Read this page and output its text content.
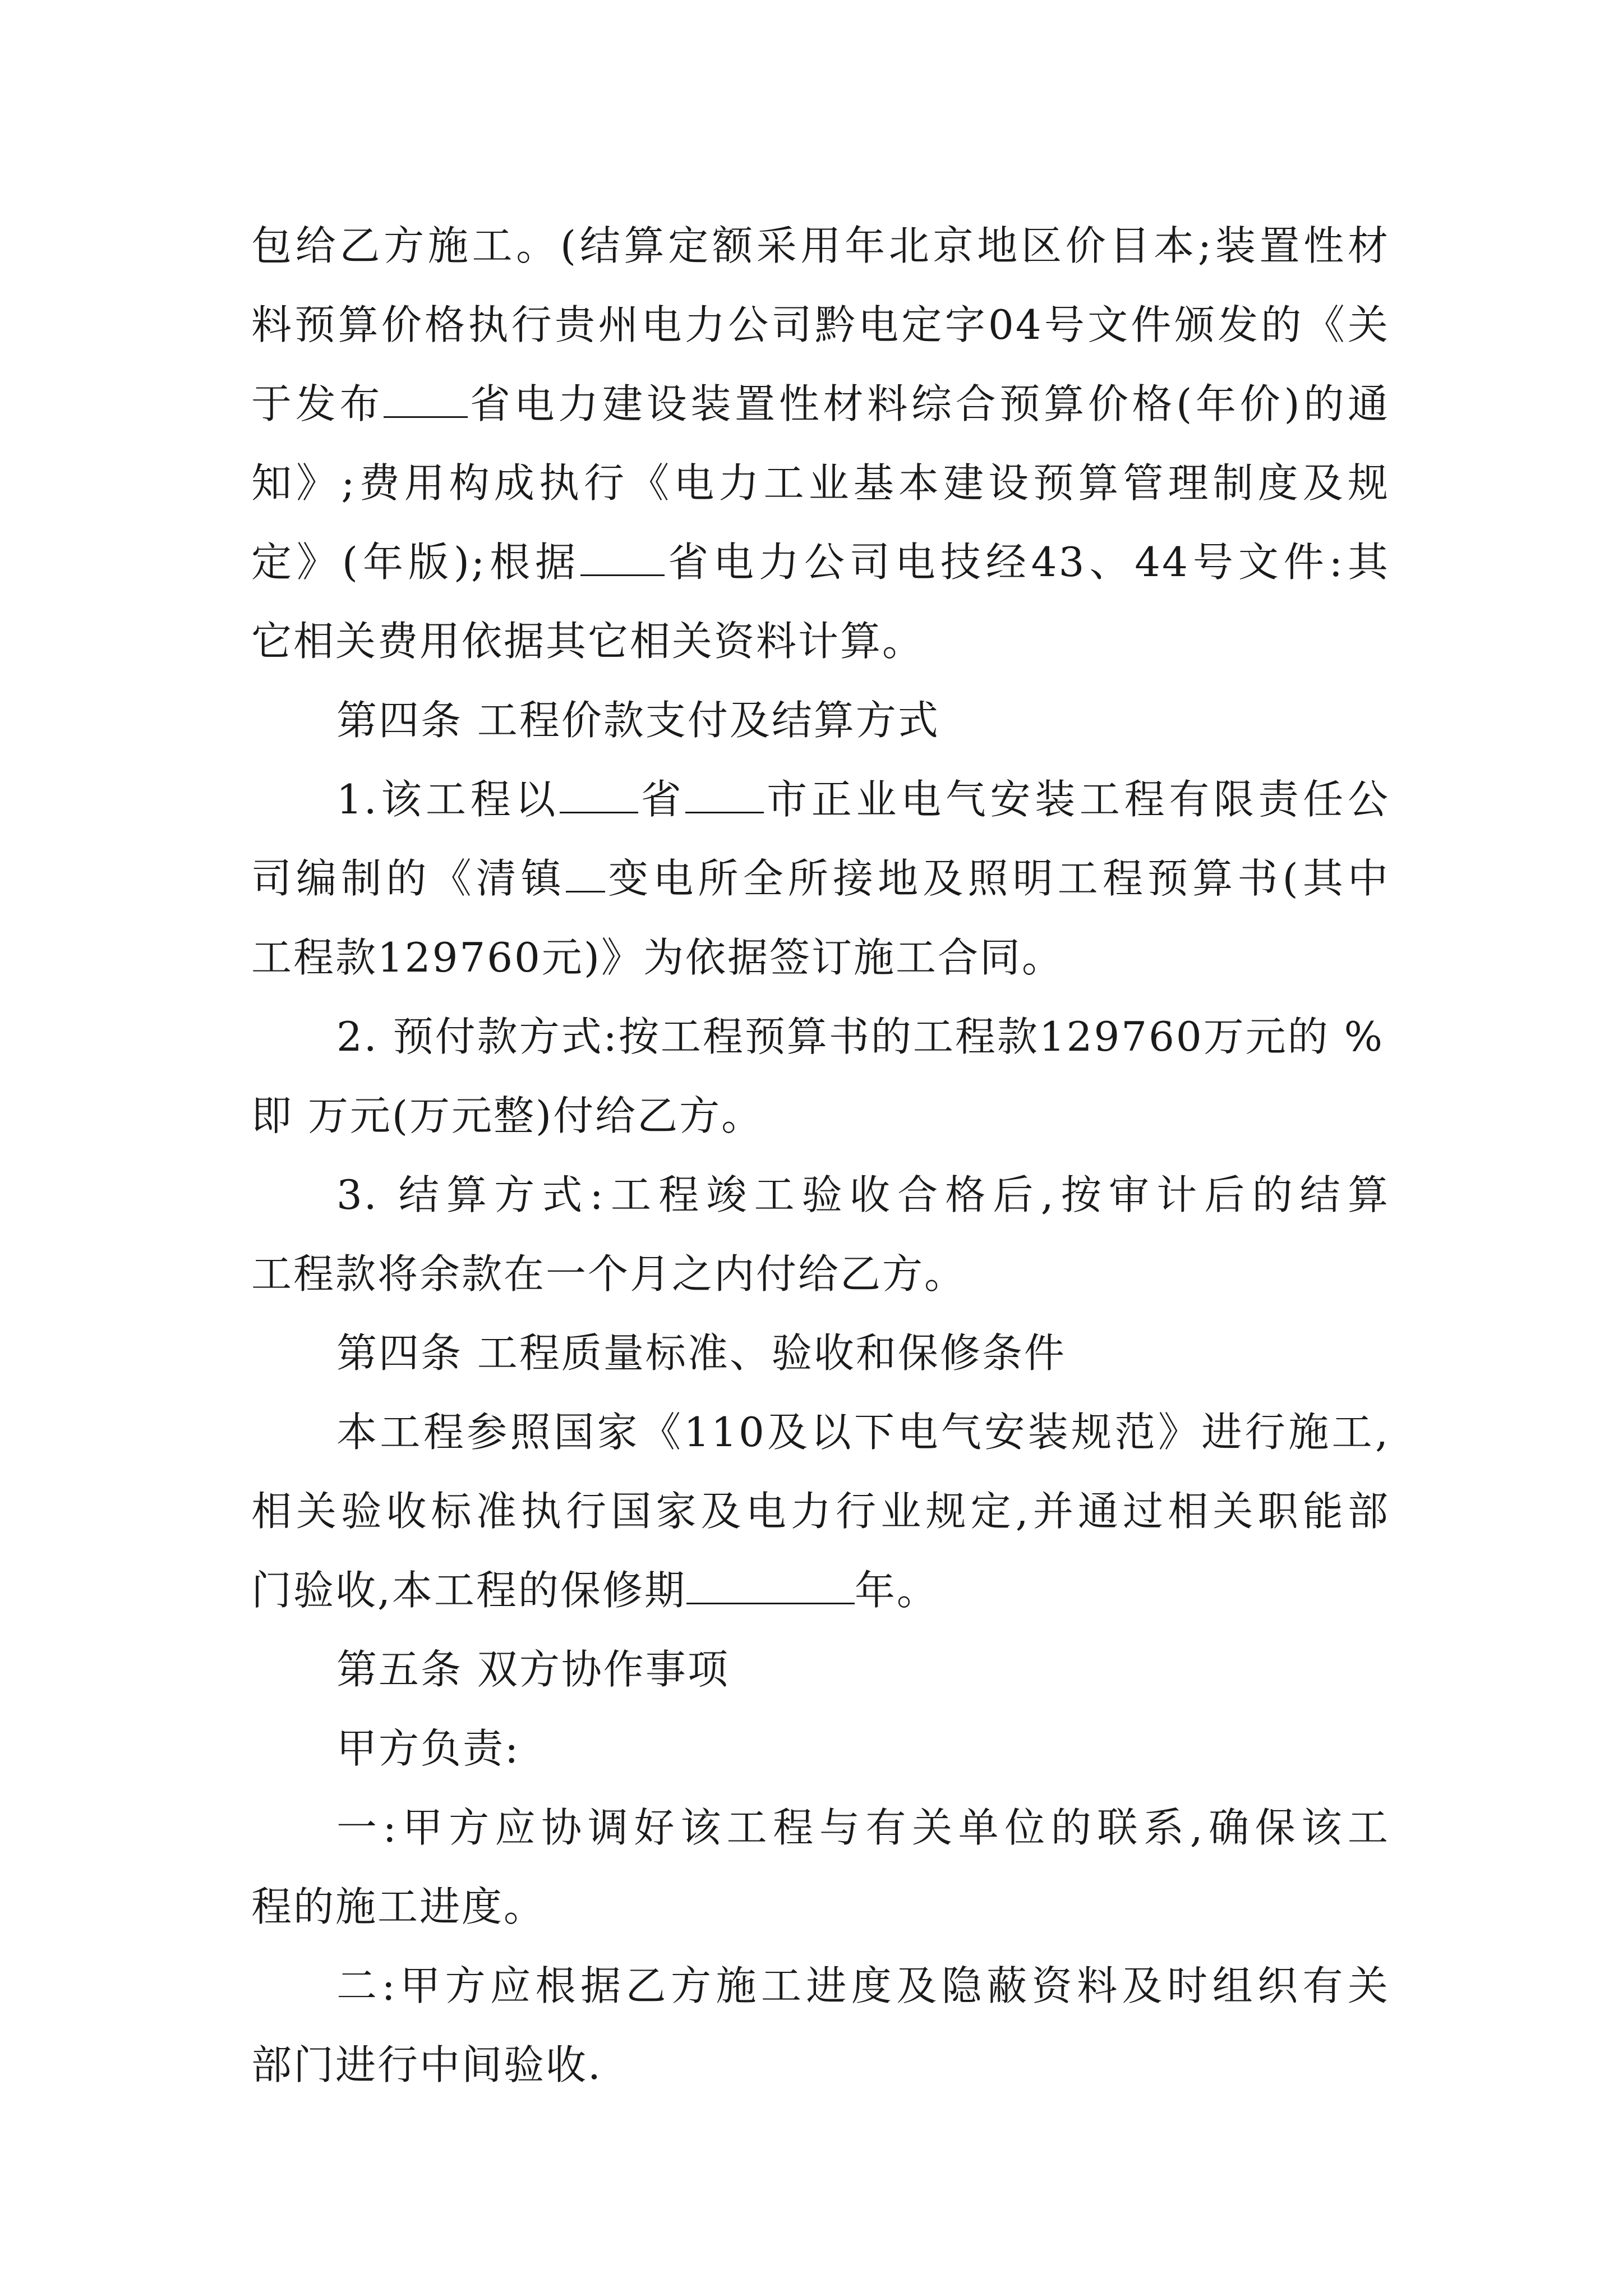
包给乙方施工。(结算定额采用年北京地区价目本;装置性材
料预算价格执行贵州电力公司黔电定字04号文件颁发的《关
于发布 省电力建设装置性材料综合预算价格(年价)的通
知》;费用构成执行《电力工业基本建设预算管理制度及规
定》(年版);根据 省电力公司电技经43、44号文件:其
它相关费用依据其它相关资料计算。
第四条 工程价款支付及结算方式
1.该工程以 省 市正业电气安装工程有限责任公
司编制的《清镇 变电所全所接地及照明工程预算书(其中
工程款129760元)》为依据签订施工合同。
2. 预付款方式:按工程预算书的工程款129760万元的 %
即 万元(万元整)付给乙方。
3. 结算方式:工程竣工验收合格后,按审计后的结算
工程款将余款在一个月之内付给乙方。
第四条 工程质量标准、验收和保修条件
本工程参照国家《110及以下电气安装规范》进行施工,
相关验收标准执行国家及电力行业规定,并通过相关职能部
门验收,本工程的保修期	年。
第五条 双方协作事项
甲方负责:
一:甲方应协调好该工程与有关单位的联系,确保该工
程的施工进度。
二:甲方应根据乙方施工进度及隐蔽资料及时组织有关
部门进行中间验收.
